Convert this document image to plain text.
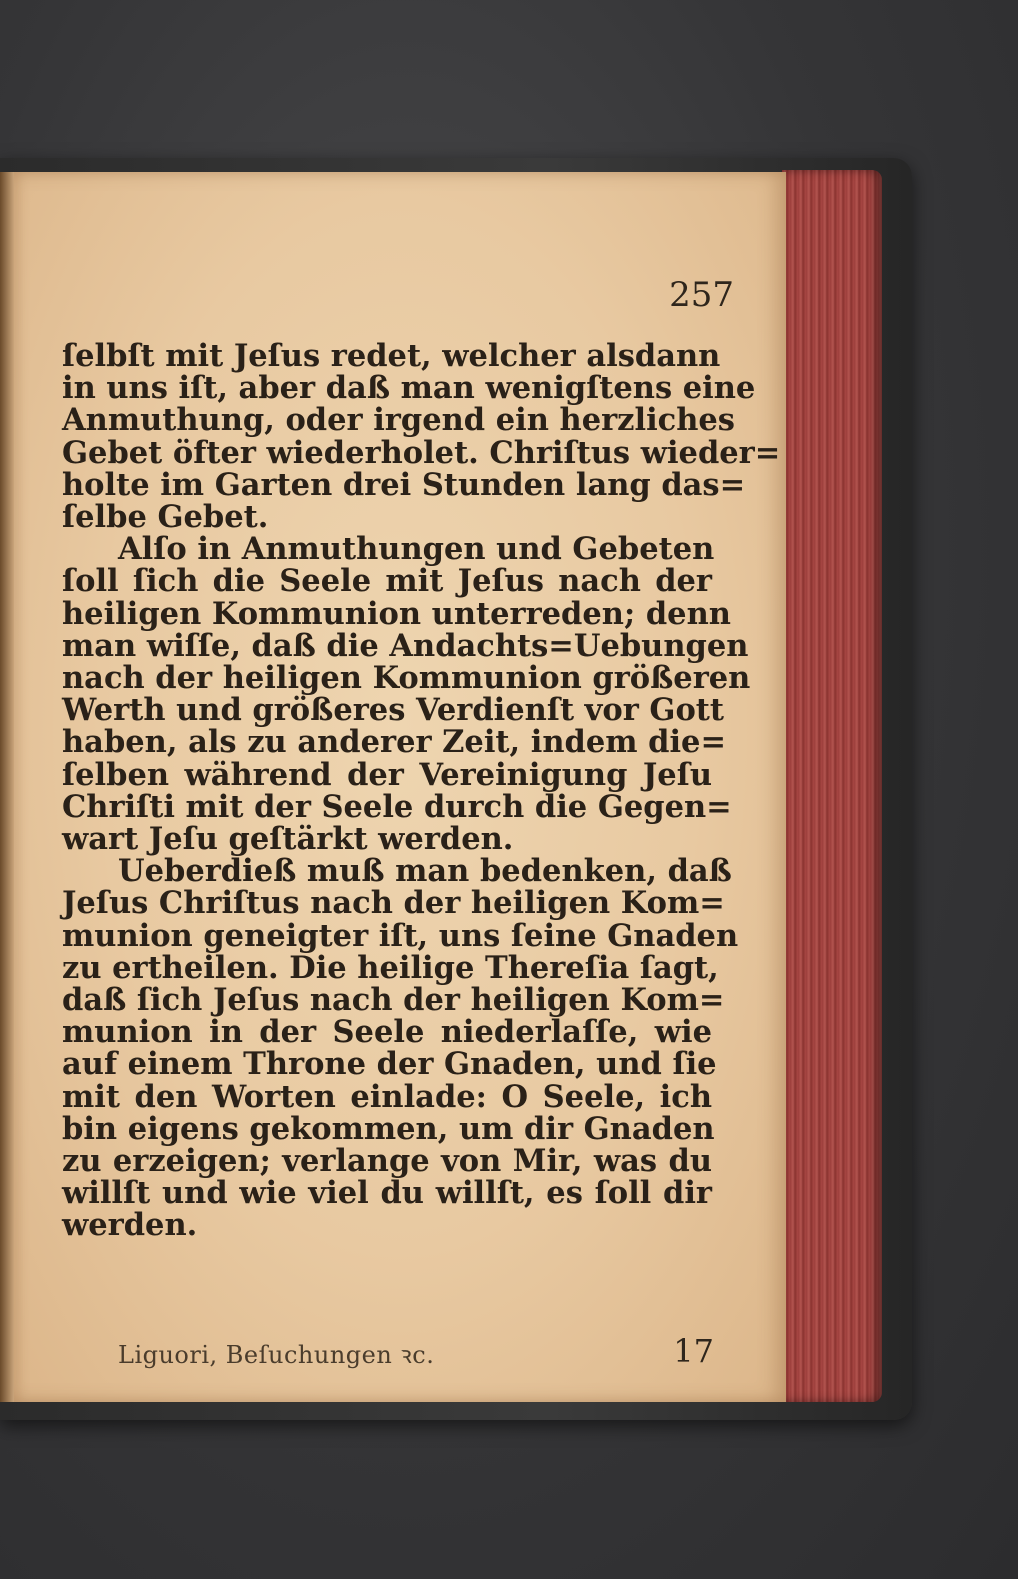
257
ſelbſt mit Jeſus redet, welcher alsdann
in uns iſt, aber daß man wenigſtens eine
Anmuthung, oder irgend ein herzliches
Gebet öfter wiederholet. Chriſtus wieder=
holte im Garten drei Stunden lang das=
ſelbe Gebet.
Alſo in Anmuthungen und Gebeten
ſoll ſich die Seele mit Jeſus nach der
heiligen Kommunion unterreden; denn
man wiſſe, daß die Andachts=Uebungen
nach der heiligen Kommunion größeren
Werth und größeres Verdienſt vor Gott
haben, als zu anderer Zeit, indem die=
ſelben während der Vereinigung Jeſu
Chriſti mit der Seele durch die Gegen=
wart Jeſu geſtärkt werden.
Ueberdieß muß man bedenken, daß
Jeſus Chriſtus nach der heiligen Kom=
munion geneigter iſt, uns ſeine Gnaden
zu ertheilen. Die heilige Thereſia ſagt,
daß ſich Jeſus nach der heiligen Kom=
munion in der Seele niederlaſſe, wie
auf einem Throne der Gnaden, und ſie
mit den Worten einlade: O Seele, ich
bin eigens gekommen, um dir Gnaden
zu erzeigen; verlange von Mir, was du
willſt und wie viel du willſt, es ſoll dir
werden.
Liguori, Beſuchungen ꝛc.	17
